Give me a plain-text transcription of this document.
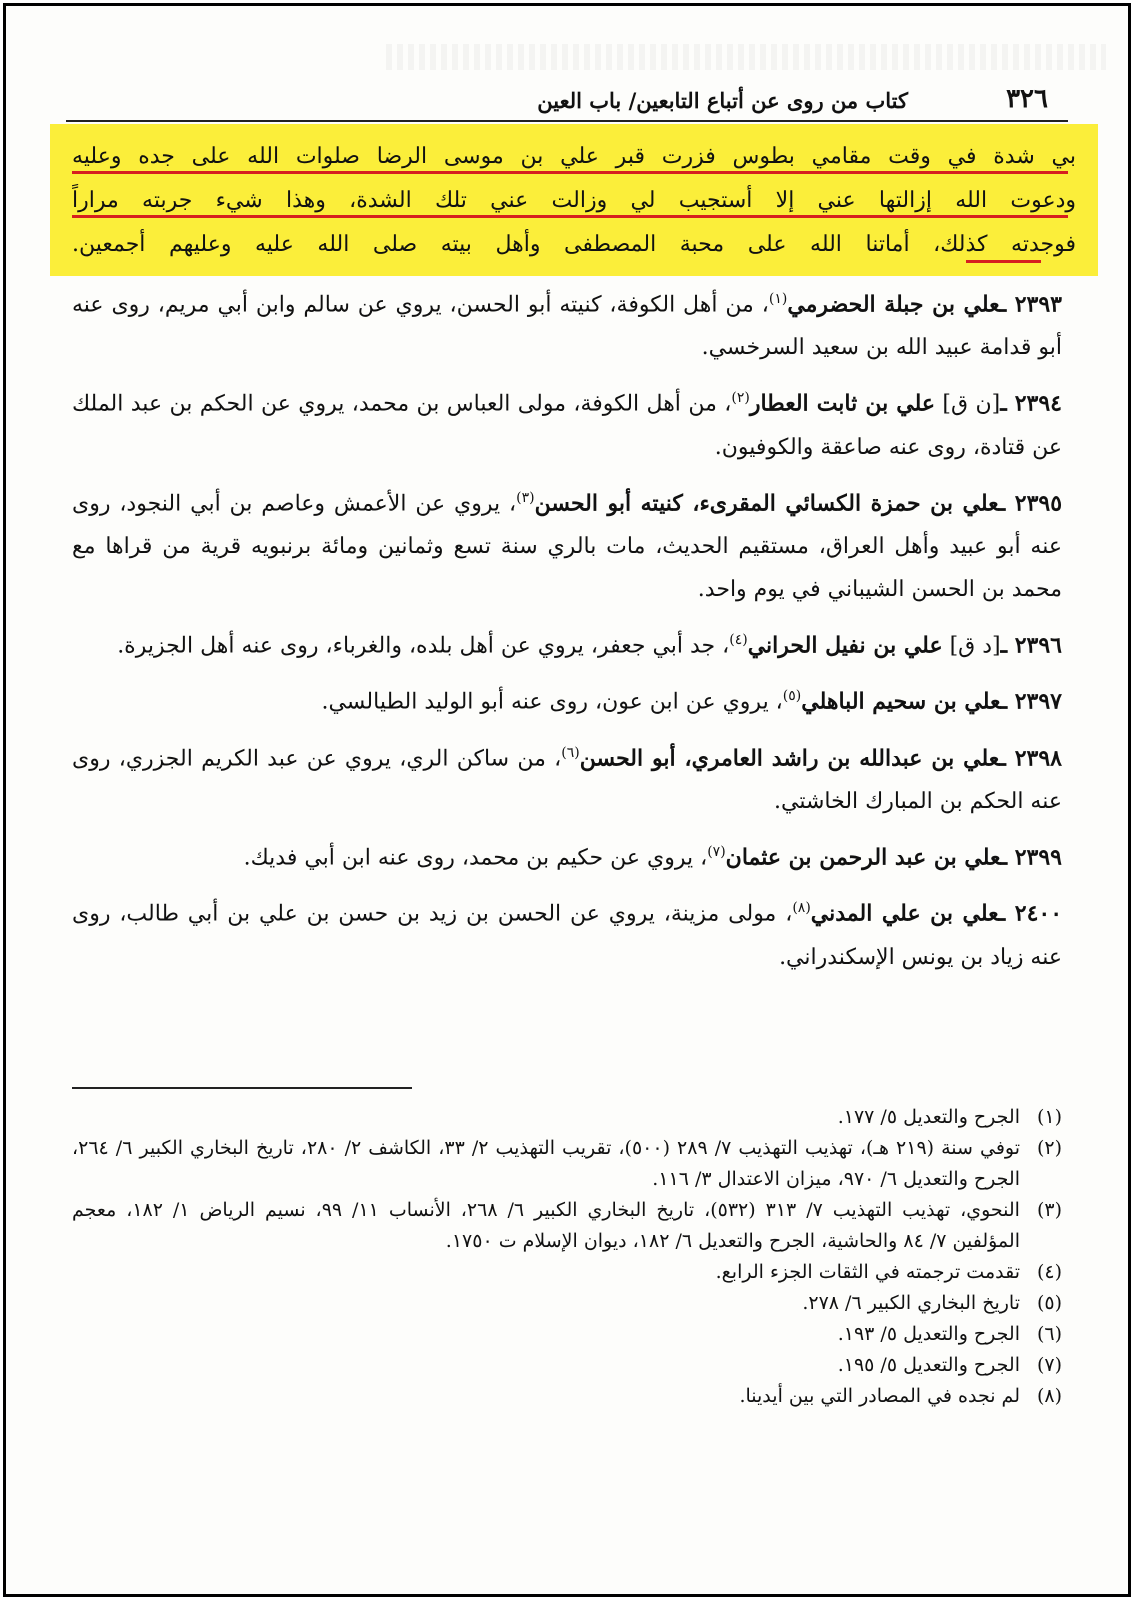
٣٢٦
كتاب من روى عن أتباع التابعين/ باب العين
بي شدة في وقت مقامي بطوس فزرت قبر علي بن موسى الرضا صلوات الله على جده وعليه
ودعوت الله إزالتها عني إلا أستجيب لي وزالت عني تلك الشدة، وهذا شيء جربته مراراً
فوجدته كذلك، أماتنا الله على محبة المصطفى وأهل بيته صلى الله عليه وعليهم أجمعين.

٢٣٩٣ ـعلي بن جبلة الحضرمي$^{(١)}$، من أهل الكوفة، كنيته أبو الحسن، يروي عن سالم وابن أبي مريم، روى عنه أبو قدامة عبيد الله بن سعيد السرخسي.

٢٣٩٤ ـ[ن ق] علي بن ثابت العطار$^{(٢)}$، من أهل الكوفة، مولى العباس بن محمد، يروي عن الحكم بن عبد الملك عن قتادة، روى عنه صاعقة والكوفيون.

٢٣٩٥ ـعلي بن حمزة الكسائي المقرىء، كنيته أبو الحسن$^{(٣)}$، يروي عن الأعمش وعاصم بن أبي النجود، روى عنه أبو عبيد وأهل العراق، مستقيم الحديث، مات بالري سنة تسع وثمانين ومائة برنبويه قرية من قراها مع محمد بن الحسن الشيباني في يوم واحد.

٢٣٩٦ ـ[د ق] علي بن نفيل الحراني$^{(٤)}$، جد أبي جعفر، يروي عن أهل بلده، والغرباء، روى عنه أهل الجزيرة.

٢٣٩٧ ـعلي بن سحيم الباهلي$^{(٥)}$، يروي عن ابن عون، روى عنه أبو الوليد الطيالسي.

٢٣٩٨ ـعلي بن عبدالله بن راشد العامري، أبو الحسن$^{(٦)}$، من ساكن الري، يروي عن عبد الكريم الجزري، روى عنه الحكم بن المبارك الخاشتي.

٢٣٩٩ ـعلي بن عبد الرحمن بن عثمان$^{(٧)}$، يروي عن حكيم بن محمد، روى عنه ابن أبي فديك.

٢٤٠٠ ـعلي بن علي المدني$^{(٨)}$، مولى مزينة، يروي عن الحسن بن زيد بن حسن بن علي بن أبي طالب، روى عنه زياد بن يونس الإسكندراني.

(١)
الجرح والتعديل ٥/ ١٧٧.
(٢)
توفي سنة (٢١٩ هـ)، تهذيب التهذيب ٧/ ٢٨٩ (٥٠٠)، تقريب التهذيب ٢/ ٣٣، الكاشف ٢/ ٢٨٠، تاريخ البخاري الكبير ٦/ ٢٦٤، الجرح والتعديل ٦/ ٩٧٠، ميزان الاعتدال ٣/ ١١٦.
(٣)
النحوي، تهذيب التهذيب ٧/ ٣١٣ (٥٣٢)، تاريخ البخاري الكبير ٦/ ٢٦٨، الأنساب ١١/ ٩٩، نسيم الرياض ١/ ١٨٢، معجم المؤلفين ٧/ ٨٤ والحاشية، الجرح والتعديل ٦/ ١٨٢، ديوان الإسلام ت ١٧٥٠.
(٤)
تقدمت ترجمته في الثقات الجزء الرابع.
(٥)
تاريخ البخاري الكبير ٦/ ٢٧٨.
(٦)
الجرح والتعديل ٥/ ١٩٣.
(٧)
الجرح والتعديل ٥/ ١٩٥.
(٨)
لم نجده في المصادر التي بين أيدينا.
